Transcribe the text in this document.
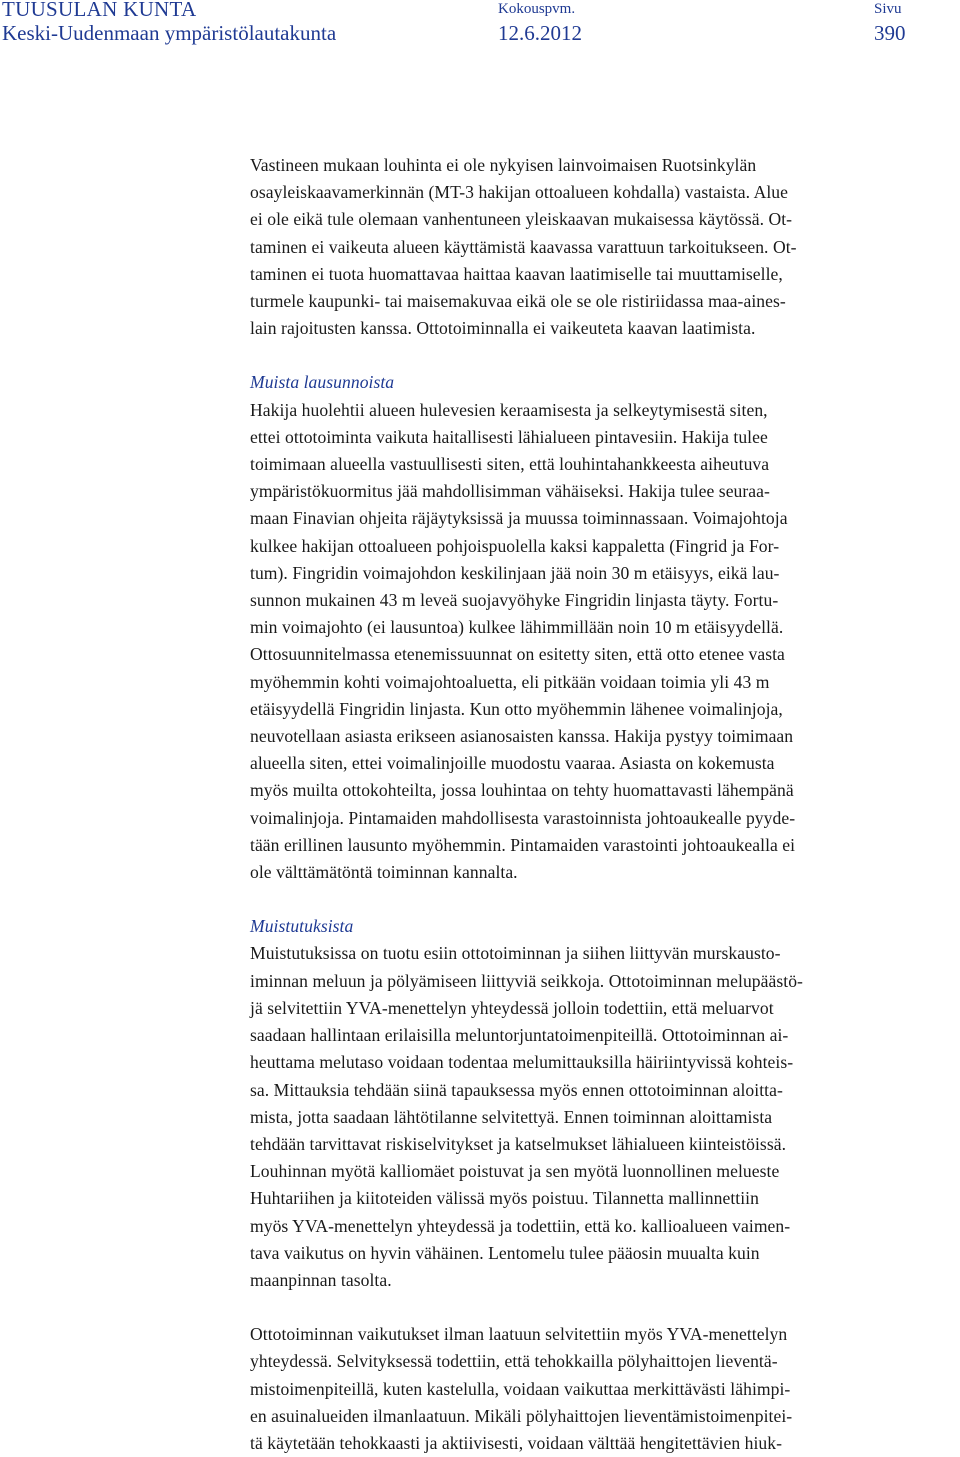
TUUSULAN KUNTA
Keski-Uudenmaan ympäristölautakunta
Kokouspvm.
12.6.2012
Sivu
390
Vastineen mukaan louhinta ei ole nykyisen lainvoimaisen Ruotsinkylän
osayleiskaavamerkinnän (MT-3 hakijan ottoalueen kohdalla) vastaista. Alue
ei ole eikä tule olemaan vanhentuneen yleiskaavan mukaisessa käytössä. Ot-
taminen ei vaikeuta alueen käyttämistä kaavassa varattuun tarkoitukseen. Ot-
taminen ei tuota huomattavaa haittaa kaavan laatimiselle tai muuttamiselle,
turmele kaupunki- tai maisemakuvaa eikä ole se ole ristiriidassa maa-aines-
lain rajoitusten kanssa. Ottotoiminnalla ei vaikeuteta kaavan laatimista.
Muista lausunnoista
Hakija huolehtii alueen hulevesien keraamisesta ja selkeytymisestä siten,
ettei ottotoiminta vaikuta haitallisesti lähialueen pintavesiin. Hakija tulee
toimimaan alueella vastuullisesti siten, että louhintahankkeesta aiheutuva
ympäristökuormitus jää mahdollisimman vähäiseksi. Hakija tulee seuraa-
maan Finavian ohjeita räjäytyksissä ja muussa toiminnassaan. Voimajohtoja
kulkee hakijan ottoalueen pohjoispuolella kaksi kappaletta (Fingrid ja For-
tum). Fingridin voimajohdon keskilinjaan jää noin 30 m etäisyys, eikä lau-
sunnon mukainen 43 m leveä suojavyöhyke Fingridin linjasta täyty. Fortu-
min voimajohto (ei lausuntoa) kulkee lähimmillään noin 10 m etäisyydellä.
Ottosuunnitelmassa etenemissuunnat on esitetty siten, että otto etenee vasta
myöhemmin kohti voimajohtoaluetta, eli pitkään voidaan toimia yli 43 m
etäisyydellä Fingridin linjasta. Kun otto myöhemmin lähenee voimalinjoja,
neuvotellaan asiasta erikseen asianosaisten kanssa. Hakija pystyy toimimaan
alueella siten, ettei voimalinjoille muodostu vaaraa. Asiasta on kokemusta
myös muilta ottokohteilta, jossa louhintaa on tehty huomattavasti lähempänä
voimalinjoja. Pintamaiden mahdollisesta varastoinnista johtoaukealle pyyde-
tään erillinen lausunto myöhemmin. Pintamaiden varastointi johtoaukealla ei
ole välttämätöntä toiminnan kannalta.
Muistutuksista
Muistutuksissa on tuotu esiin ottotoiminnan ja siihen liittyvän murskausto-
iminnan meluun ja pölyämiseen liittyviä seikkoja. Ottotoiminnan melupäästö-
jä selvitettiin YVA-menettelyn yhteydessä jolloin todettiin, että meluarvot
saadaan hallintaan erilaisilla meluntorjuntatoimenpiteillä. Ottotoiminnan ai-
heuttama melutaso voidaan todentaa melumittauksilla häiriintyvissä kohteis-
sa. Mittauksia tehdään siinä tapauksessa myös ennen ottotoiminnan aloitta-
mista, jotta saadaan lähtötilanne selvitettyä. Ennen toiminnan aloittamista
tehdään tarvittavat riskiselvitykset ja katselmukset lähialueen kiinteistöissä.
Louhinnan myötä kalliomäet poistuvat ja sen myötä luonnollinen melueste
Huhtariihen ja kiitoteiden välissä myös poistuu. Tilannetta mallinnettiin
myös YVA-menettelyn yhteydessä ja todettiin, että ko. kallioalueen vaimen-
tava vaikutus on hyvin vähäinen. Lentomelu tulee pääosin muualta kuin
maanpinnan tasolta.
Ottotoiminnan vaikutukset ilman laatuun selvitettiin myös YVA-menettelyn
yhteydessä. Selvityksessä todettiin, että tehokkailla pölyhaittojen lieventä-
mistoimenpiteillä, kuten kastelulla, voidaan vaikuttaa merkittävästi lähimpi-
en asuinalueiden ilmanlaatuun. Mikäli pölyhaittojen lieventämistoimenpitei-
tä käytetään tehokkaasti ja aktiivisesti, voidaan välttää hengitettävien hiuk-
